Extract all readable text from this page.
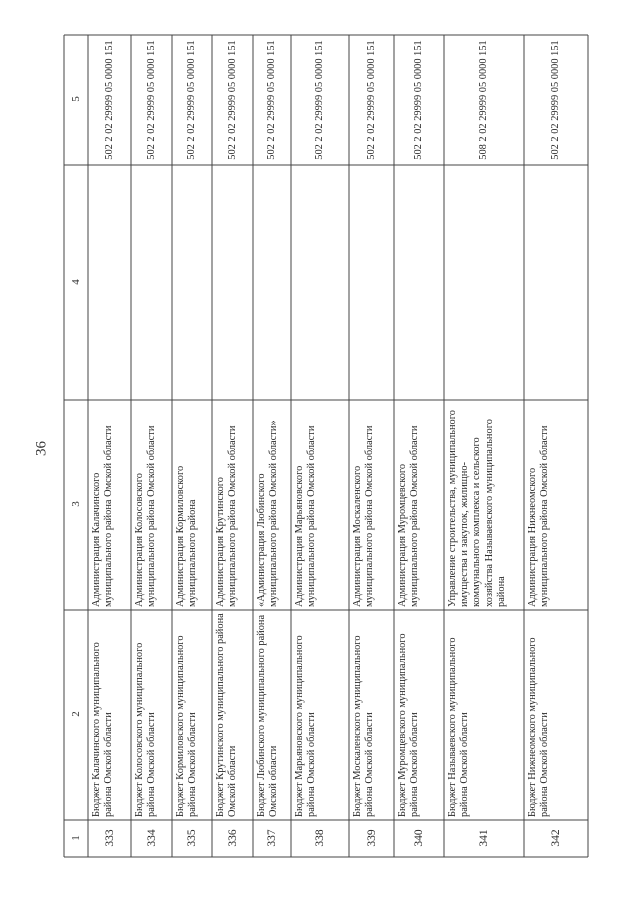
36
5
4
3
2
1 333
Бюджет Калачинского муниципального района Омской области
Администрация Калачинского муниципального района Омской области
502 2 02 29999 05 0000 151
334
Бюджет Колосовского муниципального района Омской области
Администрация Колосовского муниципального района Омской области
502 2 02 29999 05 0000 151
335
Бюджет Кормиловского муниципального района Омской области
Администрация Кормиловского муниципального района
502 2 02 29999 05 0000 151
336
Бюджет Крутинского муниципального района Омской области
Администрация Крутинского муниципального района Омской области
502 2 02 29999 05 0000 151
337
Бюджет Любинского муниципального района Омской области
«Администрация Любинского муниципального района Омской области»
502 2 02 29999 05 0000 151
338
Бюджет Марьяновского муниципального района Омской области
Администрация Марьяновского муниципального района Омской области
502 2 02 29999 05 0000 151
339
Бюджет Москаленского муниципального района Омской области
Администрация Москаленского муниципального района Омской области
502 2 02 29999 05 0000 151
340
Бюджет Муромцевского муниципального района Омской области
Администрация Муромцевского муниципального района Омской области
502 2 02 29999 05 0000 151
341
Бюджет Называевского муниципального района Омской области
Управление строительства, муниципального имущества и закупок, жилищно-коммунального комплекса и сельского хозяйства Называевского муниципального района
508 2 02 29999 05 0000 151
342
Бюджет Нижнеомского муниципального района Омской области
Администрация Нижнеомского муниципального района Омской области
502 2 02 29999 05 0000 151
